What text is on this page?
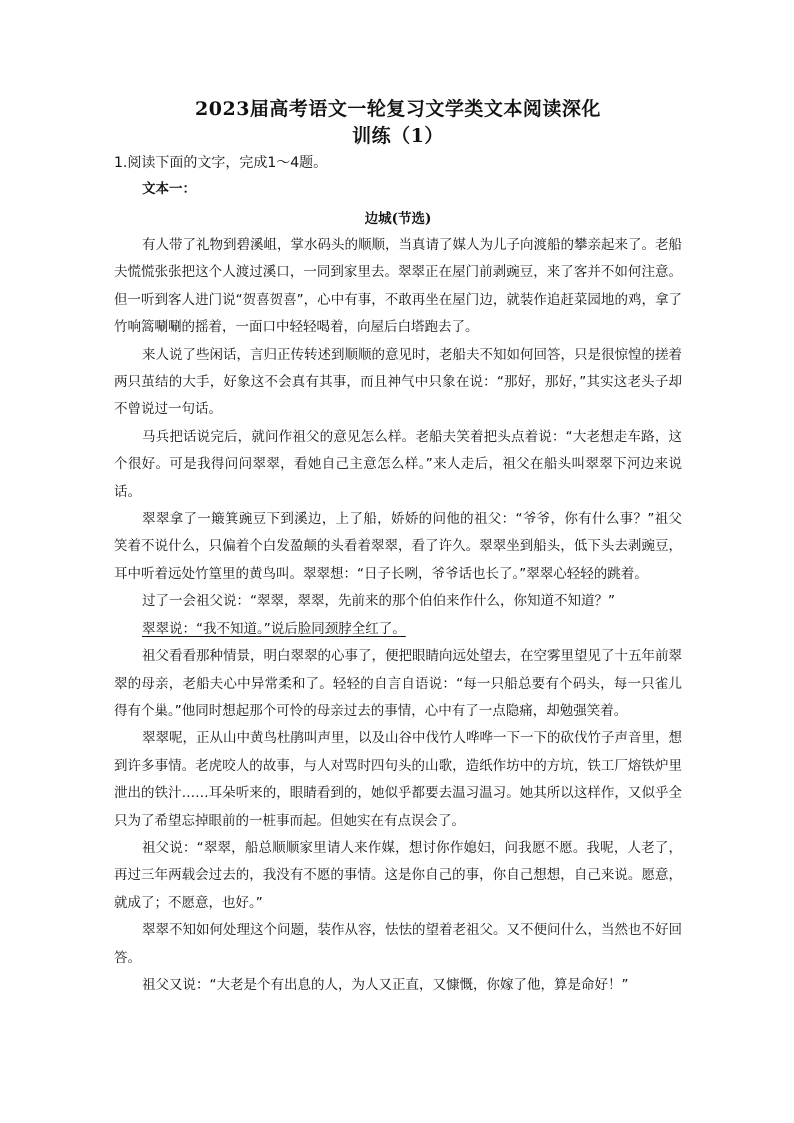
2023届高考语文一轮复习文学类文本阅读深化
训练（1）

1.阅读下面的文字，完成1～4题。

文本一：

边城(节选)

有人带了礼物到碧溪岨，掌水码头的顺顺，当真请了媒人为儿子向渡船的攀亲起来了。老船夫慌慌张张把这个人渡过溪口，一同到家里去。翠翠正在屋门前剥豌豆，来了客并不如何注意。但一听到客人进门说“贺喜贺喜”，心中有事，不敢再坐在屋门边，就装作追赶菜园地的鸡，拿了竹响篙唰唰的摇着，一面口中轻轻喝着，向屋后白塔跑去了。

来人说了些闲话，言归正传转述到顺顺的意见时，老船夫不知如何回答，只是很惊惶的搓着两只茧结的大手，好象这不会真有其事，而且神气中只象在说：“那好，那好，”其实这老头子却不曾说过一句话。

马兵把话说完后，就问作祖父的意见怎么样。老船夫笑着把头点着说：“大老想走车路，这个很好。可是我得问问翠翠，看她自己主意怎么样。”来人走后，祖父在船头叫翠翠下河边来说话。

翠翠拿了一簸箕豌豆下到溪边，上了船，娇娇的问他的祖父：“爷爷，你有什么事？”祖父笑着不说什么，只偏着个白发盈颠的头看着翠翠，看了许久。翠翠坐到船头，低下头去剥豌豆，耳中听着远处竹篁里的黄鸟叫。翠翠想：“日子长咧，爷爷话也长了。”翠翠心轻轻的跳着。

过了一会祖父说：“翠翠，翠翠，先前来的那个伯伯来作什么，你知道不知道？”

翠翠说：“我不知道。”说后脸同颈脖全红了。

祖父看看那种情景，明白翠翠的心事了，便把眼睛向远处望去，在空雾里望见了十五年前翠翠的母亲，老船夫心中异常柔和了。轻轻的自言自语说：“每一只船总要有个码头，每一只雀儿得有个巢。”他同时想起那个可怜的母亲过去的事情，心中有了一点隐痛，却勉强笑着。

翠翠呢，正从山中黄鸟杜鹃叫声里，以及山谷中伐竹人哗哗一下一下的砍伐竹子声音里，想到许多事情。老虎咬人的故事，与人对骂时四句头的山歌，造纸作坊中的方坑，铁工厂熔铁炉里泄出的铁汁……耳朵听来的，眼睛看到的，她似乎都要去温习温习。她其所以这样作，又似乎全只为了希望忘掉眼前的一桩事而起。但她实在有点误会了。

祖父说：“翠翠，船总顺顺家里请人来作媒，想讨你作媳妇，问我愿不愿。我呢，人老了，再过三年两载会过去的，我没有不愿的事情。这是你自己的事，你自己想想，自己来说。愿意，就成了；不愿意，也好。”

翠翠不知如何处理这个问题，装作从容，怯怯的望着老祖父。又不便问什么，当然也不好回答。

祖父又说：“大老是个有出息的人，为人又正直，又慷慨，你嫁了他，算是命好！”
